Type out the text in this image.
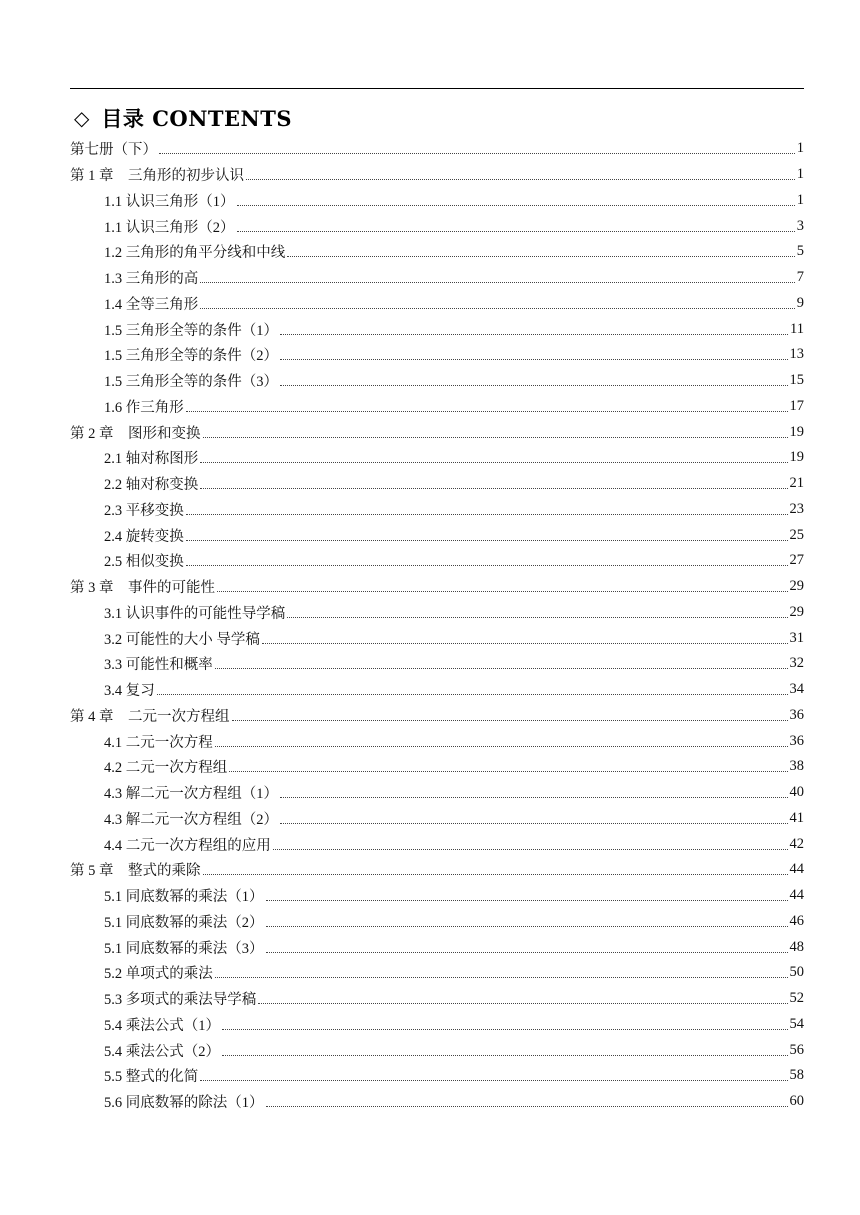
◇ 目录 CONTENTS
第七册（下）	1
第 1 章　三角形的初步认识	1
1.1 认识三角形（1）	1
1.1 认识三角形（2）	3
1.2 三角形的角平分线和中线	5
1.3 三角形的高	7
1.4 全等三角形	9
1.5 三角形全等的条件（1）	11
1.5 三角形全等的条件（2）	13
1.5 三角形全等的条件（3）	15
1.6 作三角形	17
第 2 章　图形和变换	19
2.1 轴对称图形	19
2.2 轴对称变换	21
2.3 平移变换	23
2.4 旋转变换	25
2.5 相似变换	27
第 3 章　事件的可能性	29
3.1 认识事件的可能性导学稿	29
3.2 可能性的大小 导学稿	31
3.3 可能性和概率	32
3.4 复习	34
第 4 章　二元一次方程组	36
4.1 二元一次方程	36
4.2 二元一次方程组	38
4.3 解二元一次方程组（1）	40
4.3 解二元一次方程组（2）	41
4.4 二元一次方程组的应用	42
第 5 章　整式的乘除	44
5.1 同底数幂的乘法（1）	44
5.1 同底数幂的乘法（2）	46
5.1 同底数幂的乘法（3）	48
5.2 单项式的乘法	50
5.3 多项式的乘法导学稿	52
5.4 乘法公式（1）	54
5.4 乘法公式（2）	56
5.5 整式的化简	58
5.6 同底数幂的除法（1）	60
